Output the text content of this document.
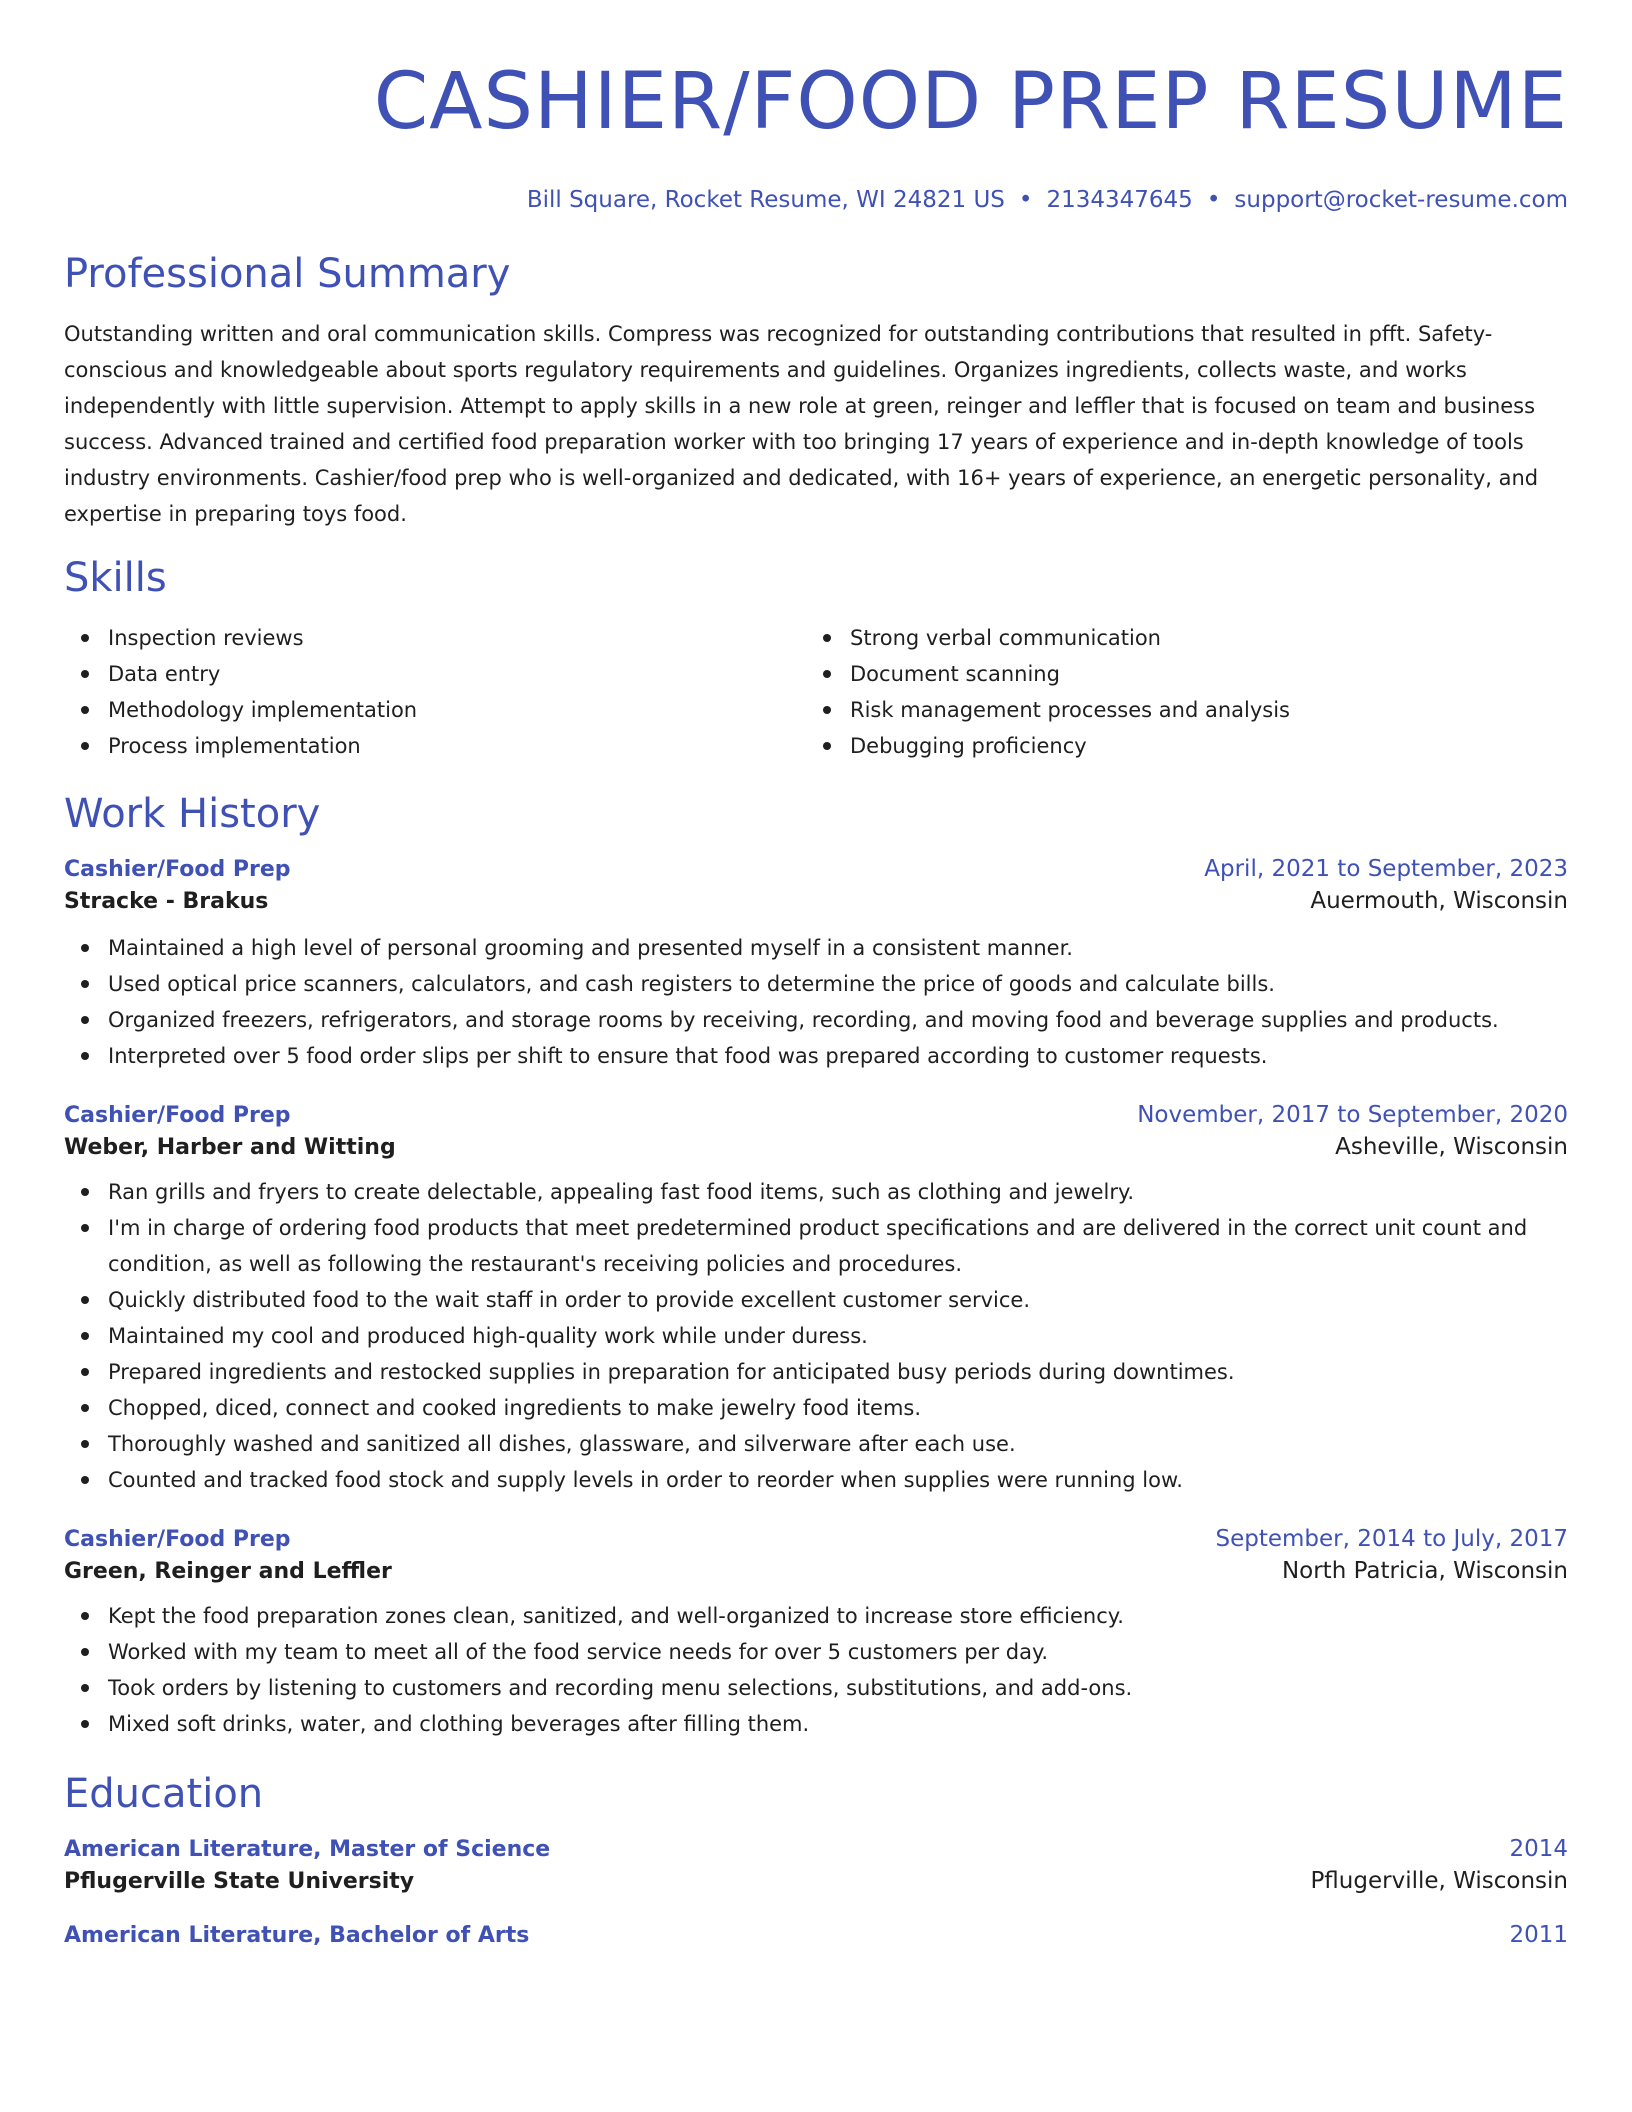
CASHIER/FOOD PREP RESUME
Bill Square, Rocket Resume, WI 24821 US • 2134347645 • support@rocket-resume.com
Professional Summary

Outstanding written and oral communication skills. Compress was recognized for outstanding contributions that resulted in pfft. Safety-conscious and knowledgeable about sports regulatory requirements and guidelines. Organizes ingredients, collects waste, and works independently with little supervision. Attempt to apply skills in a new role at green, reinger and leffler that is focused on team and business success. Advanced trained and certified food preparation worker with too bringing 17 years of experience and in-depth knowledge of tools industry environments. Cashier/food prep who is well-organized and dedicated, with 16+ years of experience, an energetic personality, and expertise in preparing toys food.

Skills
Inspection reviews
Data entry
Methodology implementation
Process implementation
Strong verbal communication
Document scanning
Risk management processes and analysis
Debugging proficiency
Work History
Cashier/Food Prep	April, 2021 to September, 2023
Stracke - Brakus	Auermouth, Wisconsin
Maintained a high level of personal grooming and presented myself in a consistent manner.
Used optical price scanners, calculators, and cash registers to determine the price of goods and calculate bills.
Organized freezers, refrigerators, and storage rooms by receiving, recording, and moving food and beverage supplies and products.
Interpreted over 5 food order slips per shift to ensure that food was prepared according to customer requests.
Cashier/Food Prep	November, 2017 to September, 2020
Weber, Harber and Witting	Asheville, Wisconsin
Ran grills and fryers to create delectable, appealing fast food items, such as clothing and jewelry.
I'm in charge of ordering food products that meet predetermined product specifications and are delivered in the correct unit count and condition, as well as following the restaurant's receiving policies and procedures.
Quickly distributed food to the wait staff in order to provide excellent customer service.
Maintained my cool and produced high-quality work while under duress.
Prepared ingredients and restocked supplies in preparation for anticipated busy periods during downtimes.
Chopped, diced, connect and cooked ingredients to make jewelry food items.
Thoroughly washed and sanitized all dishes, glassware, and silverware after each use.
Counted and tracked food stock and supply levels in order to reorder when supplies were running low.
Cashier/Food Prep	September, 2014 to July, 2017
Green, Reinger and Leffler	North Patricia, Wisconsin
Kept the food preparation zones clean, sanitized, and well-organized to increase store efficiency.
Worked with my team to meet all of the food service needs for over 5 customers per day.
Took orders by listening to customers and recording menu selections, substitutions, and add-ons.
Mixed soft drinks, water, and clothing beverages after filling them.
Education
American Literature, Master of Science	2014
Pflugerville State University	Pflugerville, Wisconsin
American Literature, Bachelor of Arts	2011
